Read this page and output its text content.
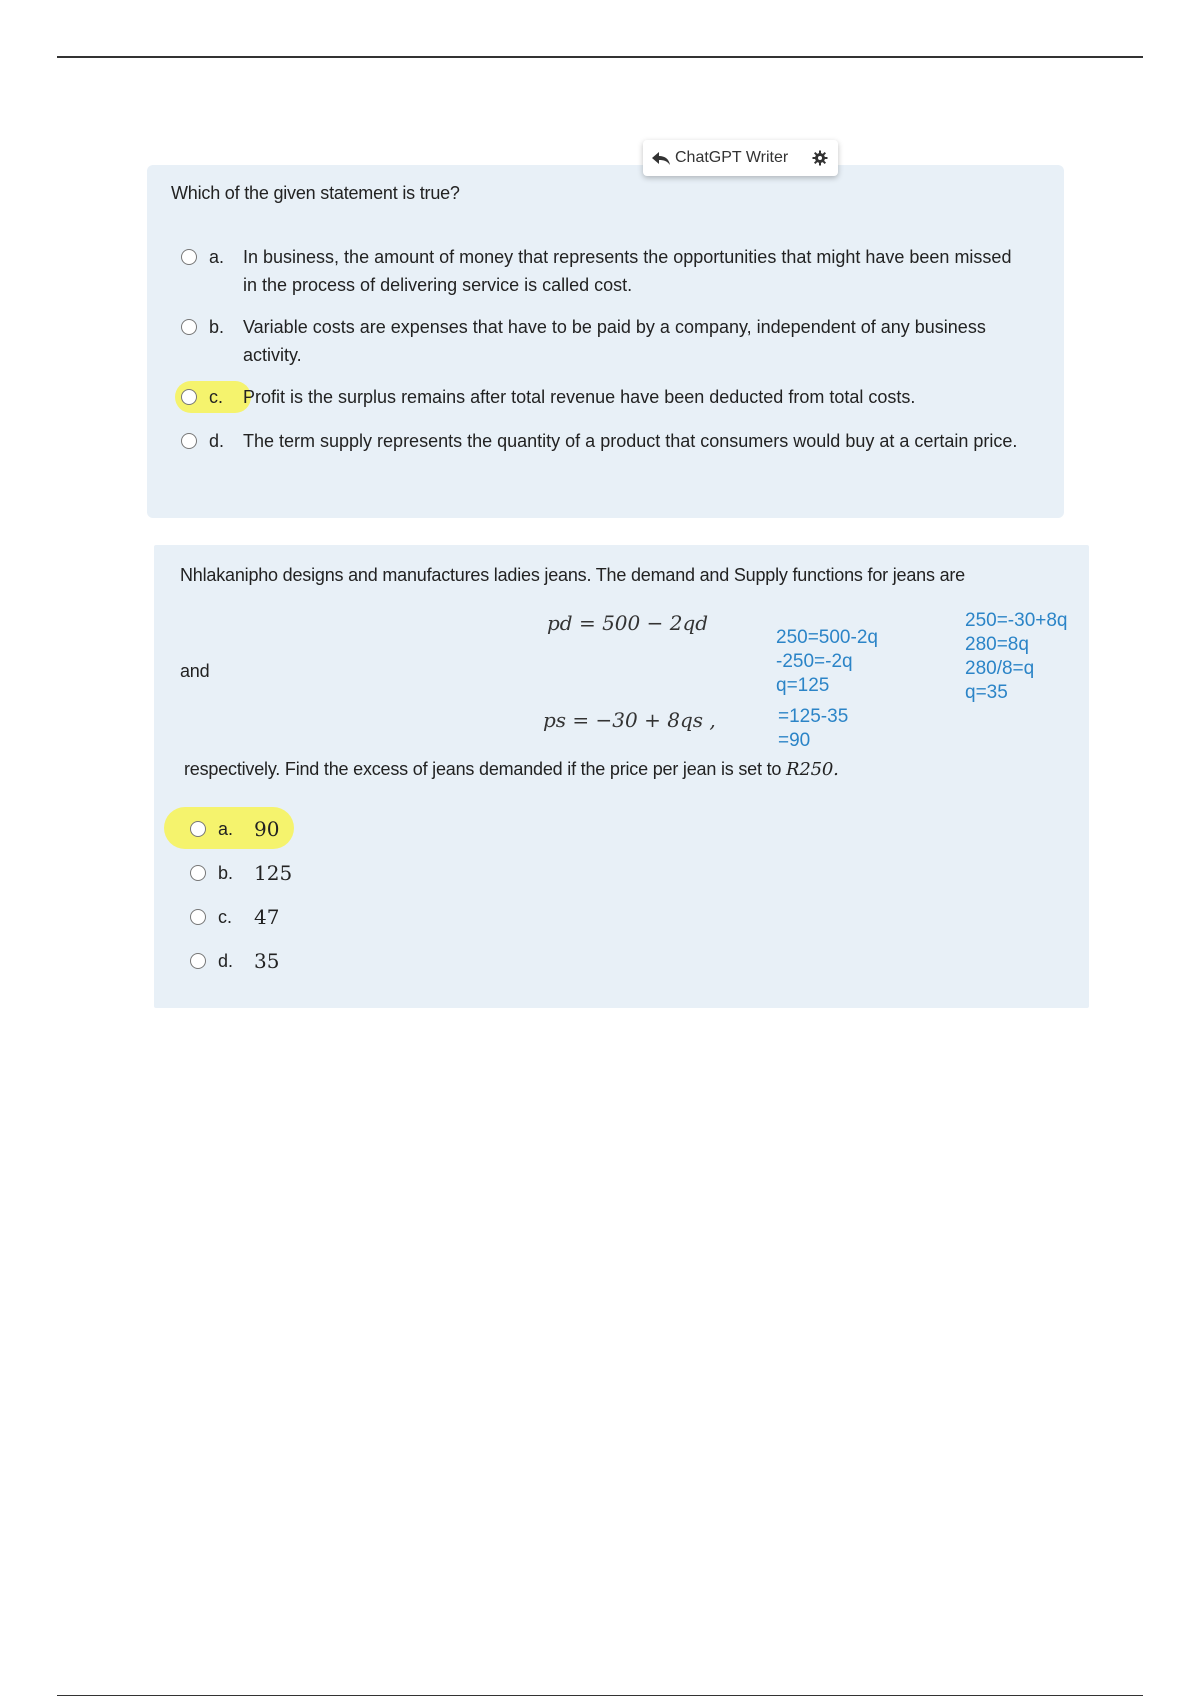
Which of the given statement is true?
a.	In business, the amount of money that represents the opportunities that might have been missed in the process of delivering service is called cost.
b.	Variable costs are expenses that have to be paid by a company, independent of any business activity.
c.	Profit is the surplus remains after total revenue have been deducted from total costs.
d.	The term supply represents the quantity of a product that consumers would buy at a certain price.
ChatGPT Writer
Nhlakanipho designs and manufactures ladies jeans. The demand and Supply functions for jeans are
pd = 500 − 2qd
and
ps = −30 + 8qs ,
250=500-2q
-250=-2q
q=125
250=-30+8q
280=8q
280/8=q
q=35
=125-35
=90
respectively. Find the excess of jeans demanded if the price per jean is set to R250.
a.	90
b.	125
c.	47
d.	35
